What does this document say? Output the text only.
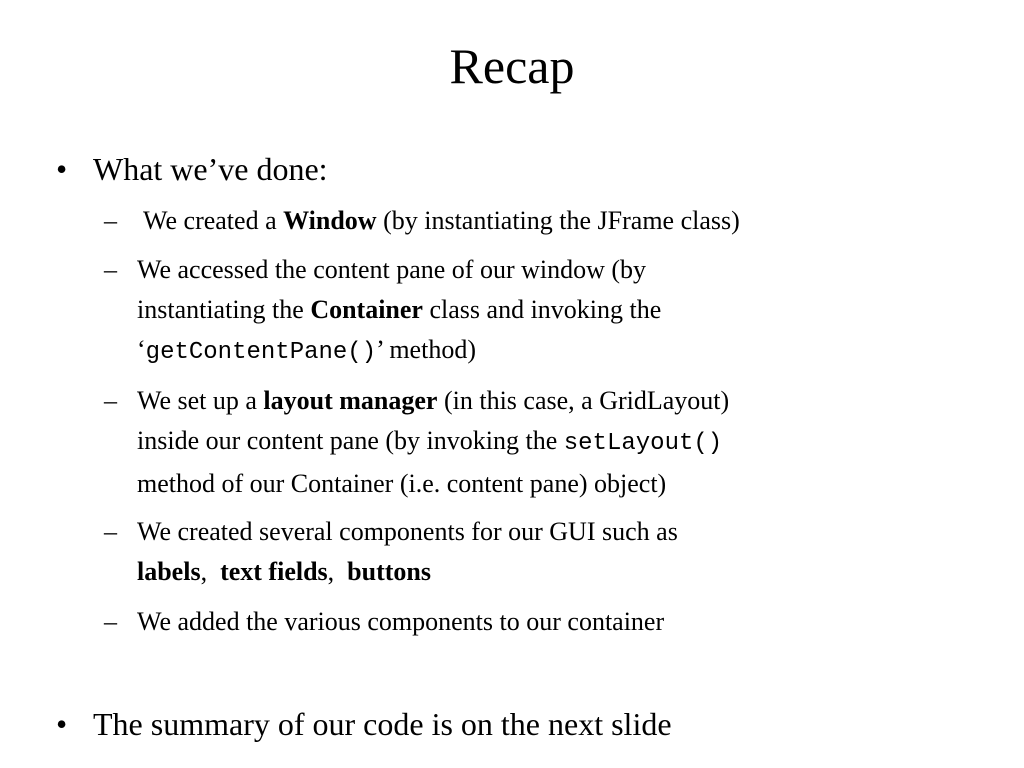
Recap
• What we’ve done:
– We created a Window (by instantiating the JFrame class)
– We accessed the content pane of our window (by
instantiating the Container class and invoking the
‘getContentPane()’ method)
– We set up a layout manager (in this case, a GridLayout)
inside our content pane (by invoking the setLayout()
method of our Container (i.e. content pane) object)
– We created several components for our GUI such as
labels,  text fields,  buttons
– We added the various components to our container
• The summary of our code is on the next slide
